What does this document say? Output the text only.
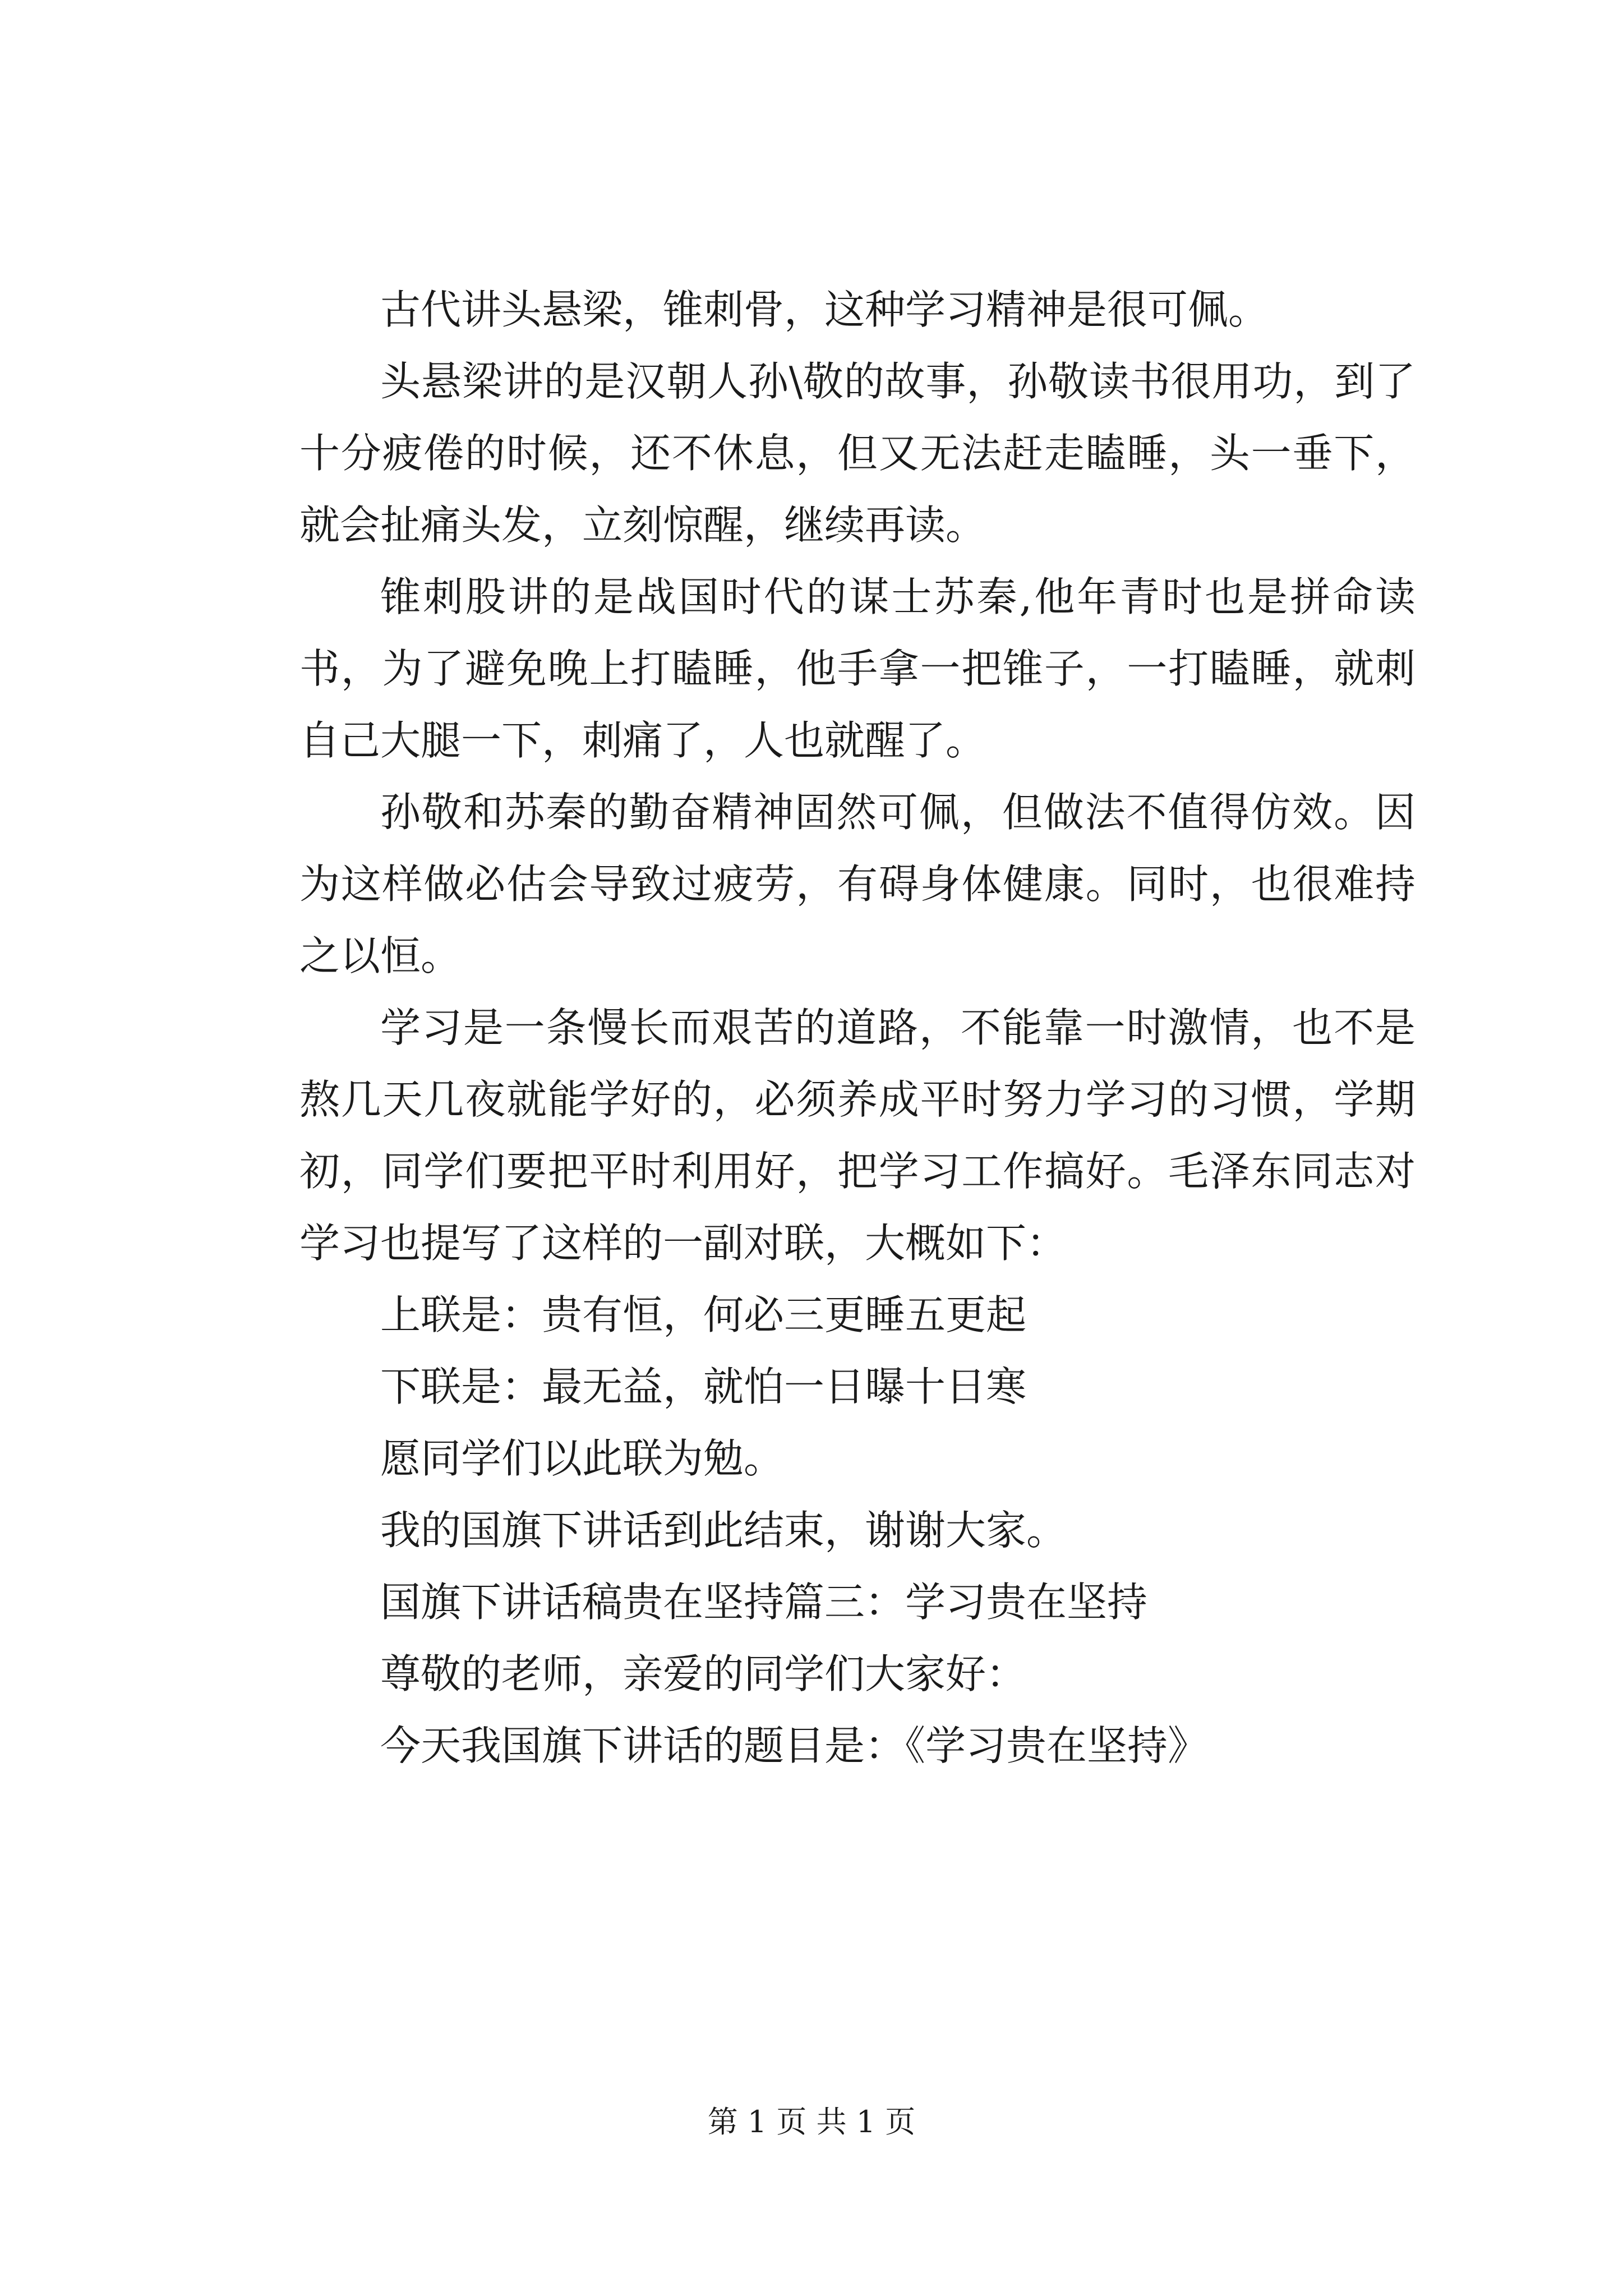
古代讲头悬梁，锥刺骨，这种学习精神是很可佩。

头悬梁讲的是汉朝人孙\敬的故事，孙敬读书很用功，到了十分疲倦的时候，还不休息，但又无法赶走瞌睡，头一垂下，就会扯痛头发，立刻惊醒，继续再读。

锥刺股讲的是战国时代的谋士苏秦,他年青时也是拼命读书，为了避免晚上打瞌睡，他手拿一把锥子，一打瞌睡，就刺自己大腿一下，刺痛了，人也就醒了。

孙敬和苏秦的勤奋精神固然可佩，但做法不值得仿效。因为这样做必估会导致过疲劳，有碍身体健康。同时，也很难持之以恒。

学习是一条慢长而艰苦的道路，不能靠一时激情，也不是熬几天几夜就能学好的，必须养成平时努力学习的习惯，学期初，同学们要把平时利用好，把学习工作搞好。毛泽东同志对学习也提写了这样的一副对联，大概如下：

上联是：贵有恒，何必三更睡五更起

下联是：最无益，就怕一日曝十日寒

愿同学们以此联为勉。

我的国旗下讲话到此结束，谢谢大家。

国旗下讲话稿贵在坚持篇三：学习贵在坚持

尊敬的老师，亲爱的同学们大家好：

今天我国旗下讲话的题目是：《学习贵在坚持》

第 1 页 共 1 页
